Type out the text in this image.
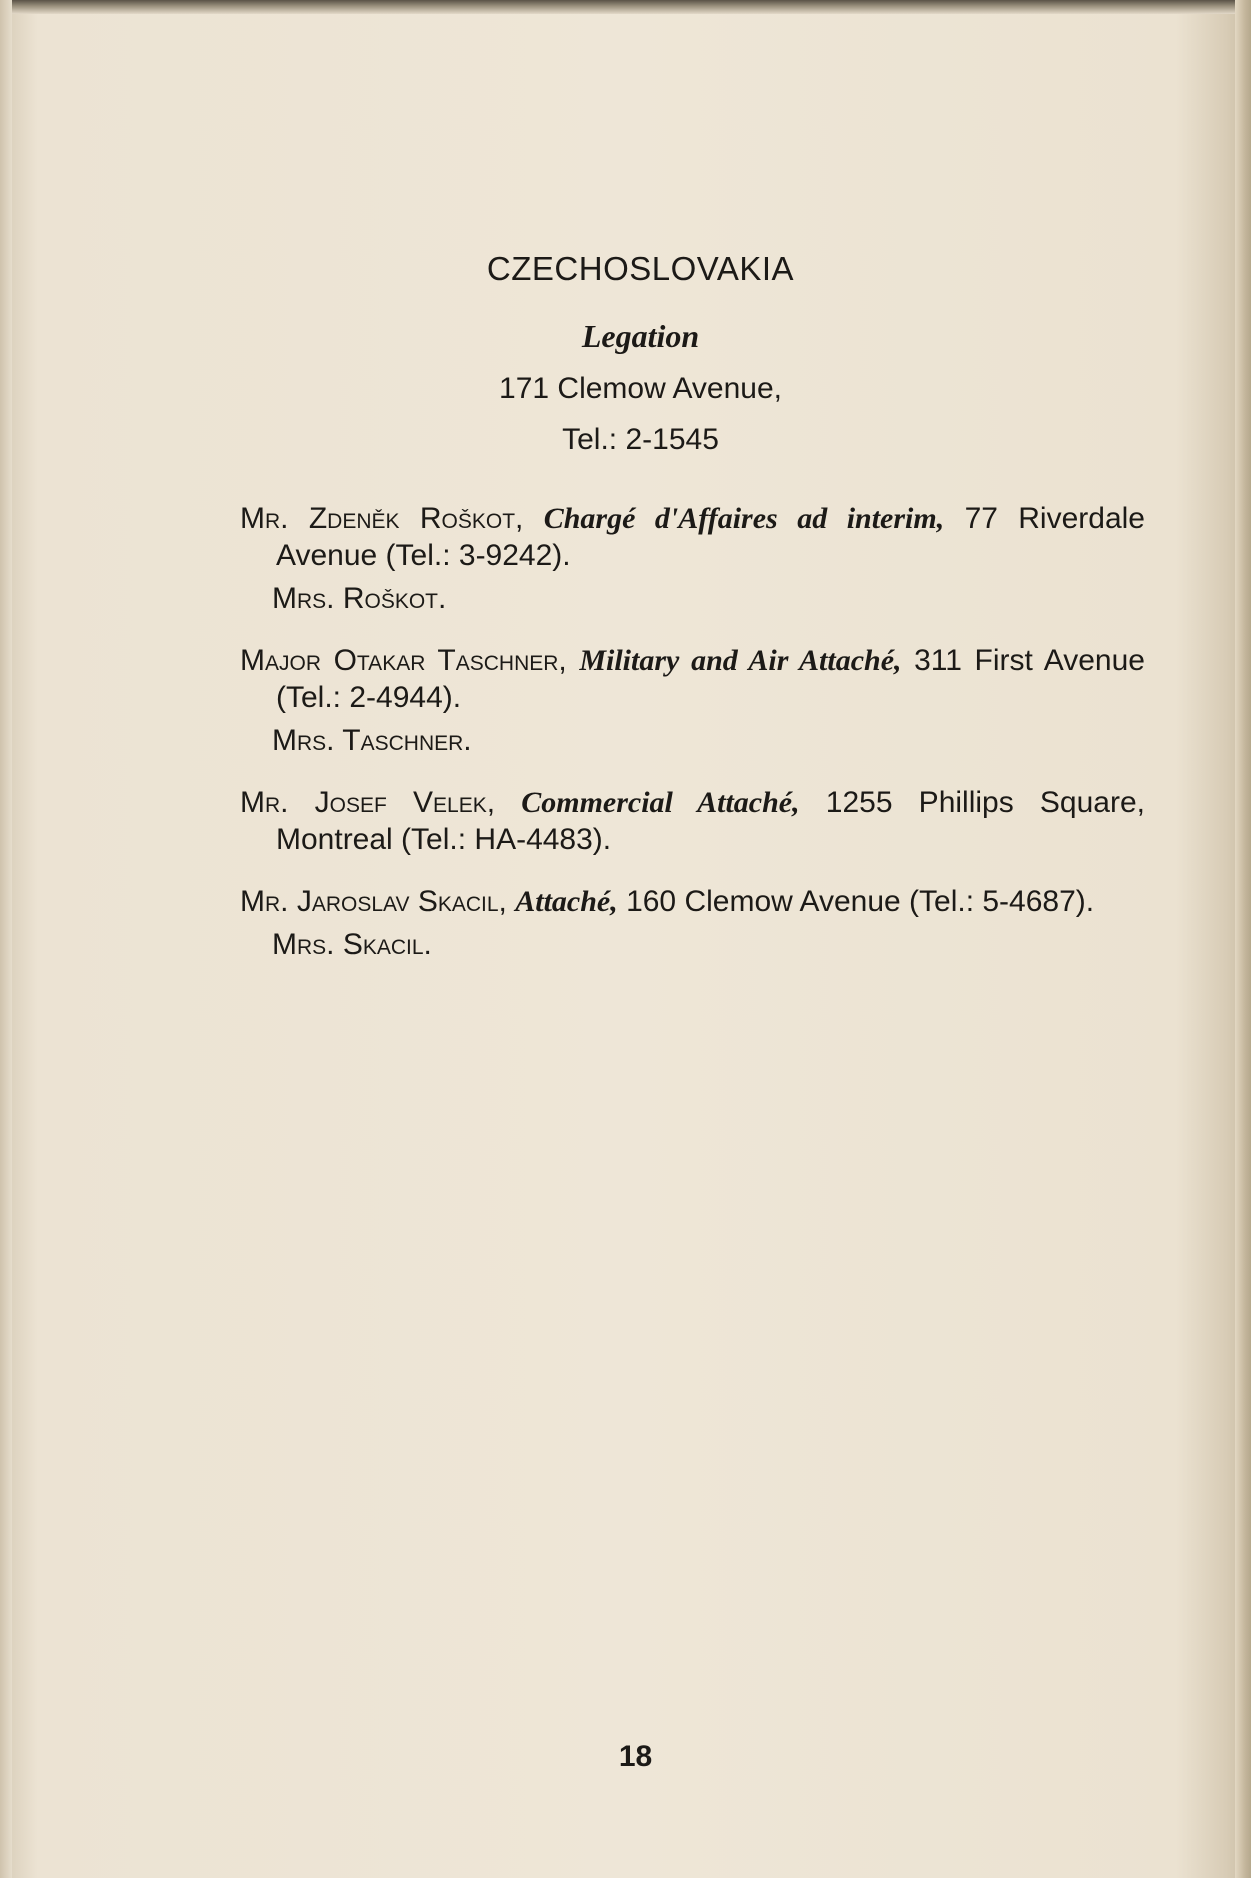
CZECHOSLOVAKIA
Legation
171 Clemow Avenue,
Tel.: 2-1545

Mr. Zdeněk Roškot, Chargé d'Affaires ad interim, 77 Riverdale Avenue (Tel.: 3-9242).

Mrs. Roškot.

Major Otakar Taschner, Military and Air Attaché, 311 First Avenue (Tel.: 2-4944).

Mrs. Taschner.

Mr. Josef Velek, Commercial Attaché, 1255 Phillips Square, Montreal (Tel.: HA-4483).

Mr. Jaroslav Skacil, Attaché, 160 Clemow Avenue (Tel.: 5-4687).

Mrs. Skacil.

18
